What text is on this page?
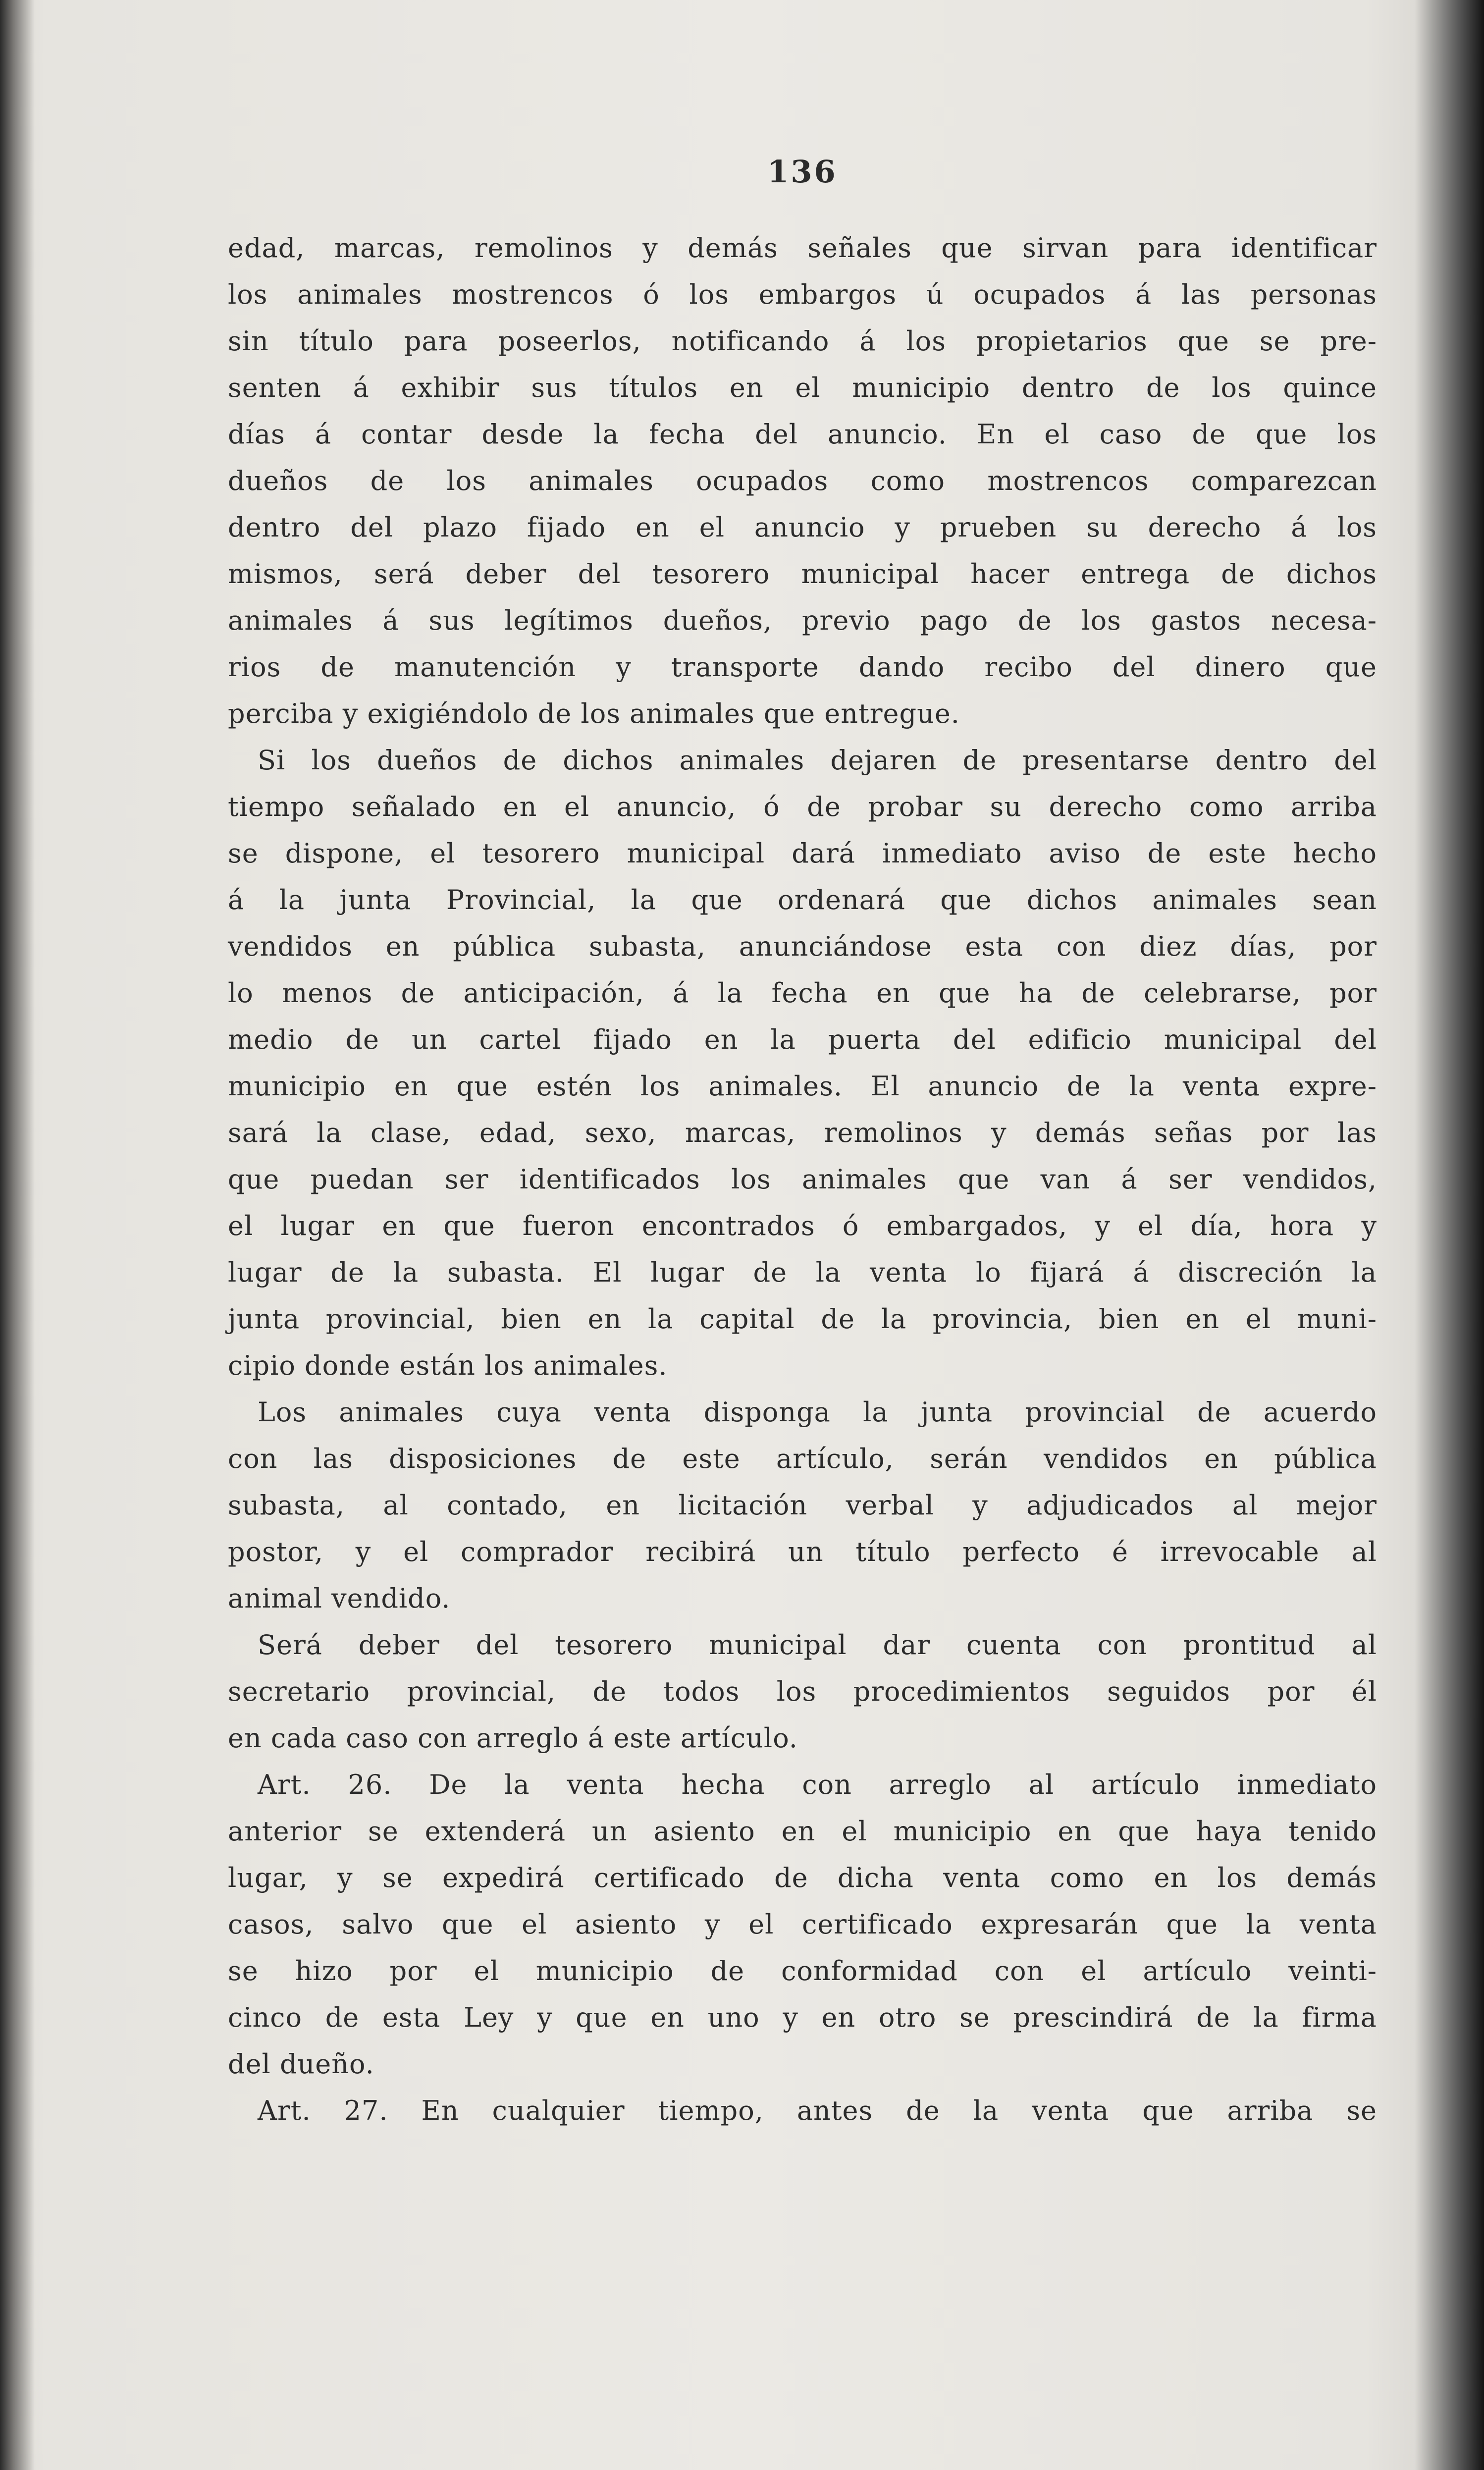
136

edad, marcas, remolinos y demás señales que sirvan para identificar
los animales mostrencos ó los embargos ú ocupados á las personas
sin título para poseerlos, notificando á los propietarios que se pre-
senten á exhibir sus títulos en el municipio dentro de los quince
días á contar desde la fecha del anuncio. En el caso de que los
dueños de los animales ocupados como mostrencos comparezcan
dentro del plazo fijado en el anuncio y prueben su derecho á los
mismos, será deber del tesorero municipal hacer entrega de dichos
animales á sus legítimos dueños, previo pago de los gastos necesa-
rios de manutención y transporte dando recibo del dinero que
perciba y exigiéndolo de los animales que entregue.

Si los dueños de dichos animales dejaren de presentarse dentro del
tiempo señalado en el anuncio, ó de probar su derecho como arriba
se dispone, el tesorero municipal dará inmediato aviso de este hecho
á la junta Provincial, la que ordenará que dichos animales sean
vendidos en pública subasta, anunciándose esta con diez días, por
lo menos de anticipación, á la fecha en que ha de celebrarse, por
medio de un cartel fijado en la puerta del edificio municipal del
municipio en que estén los animales. El anuncio de la venta expre-
sará la clase, edad, sexo, marcas, remolinos y demás señas por las
que puedan ser identificados los animales que van á ser vendidos,
el lugar en que fueron encontrados ó embargados, y el día, hora y
lugar de la subasta. El lugar de la venta lo fijará á discreción la
junta provincial, bien en la capital de la provincia, bien en el muni-
cipio donde están los animales.

Los animales cuya venta disponga la junta provincial de acuerdo
con las disposiciones de este artículo, serán vendidos en pública
subasta, al contado, en licitación verbal y adjudicados al mejor
postor, y el comprador recibirá un título perfecto é irrevocable al
animal vendido.

Será deber del tesorero municipal dar cuenta con prontitud al
secretario provincial, de todos los procedimientos seguidos por él
en cada caso con arreglo á este artículo.

Art. 26. De la venta hecha con arreglo al artículo inmediato
anterior se extenderá un asiento en el municipio en que haya tenido
lugar, y se expedirá certificado de dicha venta como en los demás
casos, salvo que el asiento y el certificado expresarán que la venta
se hizo por el municipio de conformidad con el artículo veinti-
cinco de esta Ley y que en uno y en otro se prescindirá de la firma
del dueño.

Art. 27. En cualquier tiempo, antes de la venta que arriba se
